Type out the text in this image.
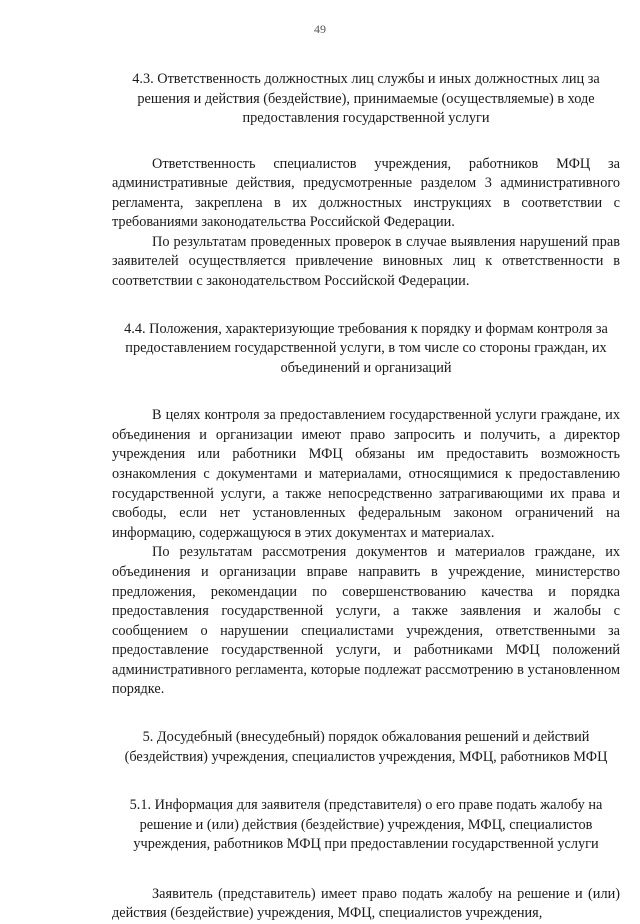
49

4.3. Ответственность должностных лиц службы и иных должностных лиц за решения и действия (бездействие), принимаемые (осуществляемые) в ходе предоставления государственной услуги

Ответственность специалистов учреждения, работников МФЦ за административные действия, предусмотренные разделом 3 административного регламента, закреплена в их должностных инструкциях в соответствии с требованиями законодательства Российской Федерации.

По результатам проведенных проверок в случае выявления нарушений прав заявителей осуществляется привлечение виновных лиц к ответственности в соответствии с законодательством Российской Федерации.

4.4. Положения, характеризующие требования к порядку и формам контроля за предоставлением государственной услуги, в том числе со стороны граждан, их объединений и организаций

В целях контроля за предоставлением государственной услуги граждане, их объединения и организации имеют право запросить и получить, а директор учреждения или работники МФЦ обязаны им предоставить возможность ознакомления с документами и материалами, относящимися к предоставлению государственной услуги, а также непосредственно затрагивающими их права и свободы, если нет установленных федеральным законом ограничений на информацию, содержащуюся в этих документах и материалах.

По результатам рассмотрения документов и материалов граждане, их объединения и организации вправе направить в учреждение, министерство предложения, рекомендации по совершенствованию качества и порядка предоставления государственной услуги, а также заявления и жалобы с сообщением о нарушении специалистами учреждения, ответственными за предоставление государственной услуги, и работниками МФЦ положений административного регламента, которые подлежат рассмотрению в установленном порядке.

5. Досудебный (внесудебный) порядок обжалования решений и действий (бездействия) учреждения, специалистов учреждения, МФЦ, работников МФЦ

5.1. Информация для заявителя (представителя) о его праве подать жалобу на решение и (или) действия (бездействие) учреждения, МФЦ, специалистов учреждения, работников МФЦ при предоставлении государственной услуги

Заявитель (представитель) имеет право подать жалобу на решение и (или) действия (бездействие) учреждения, МФЦ, специалистов учреждения,
